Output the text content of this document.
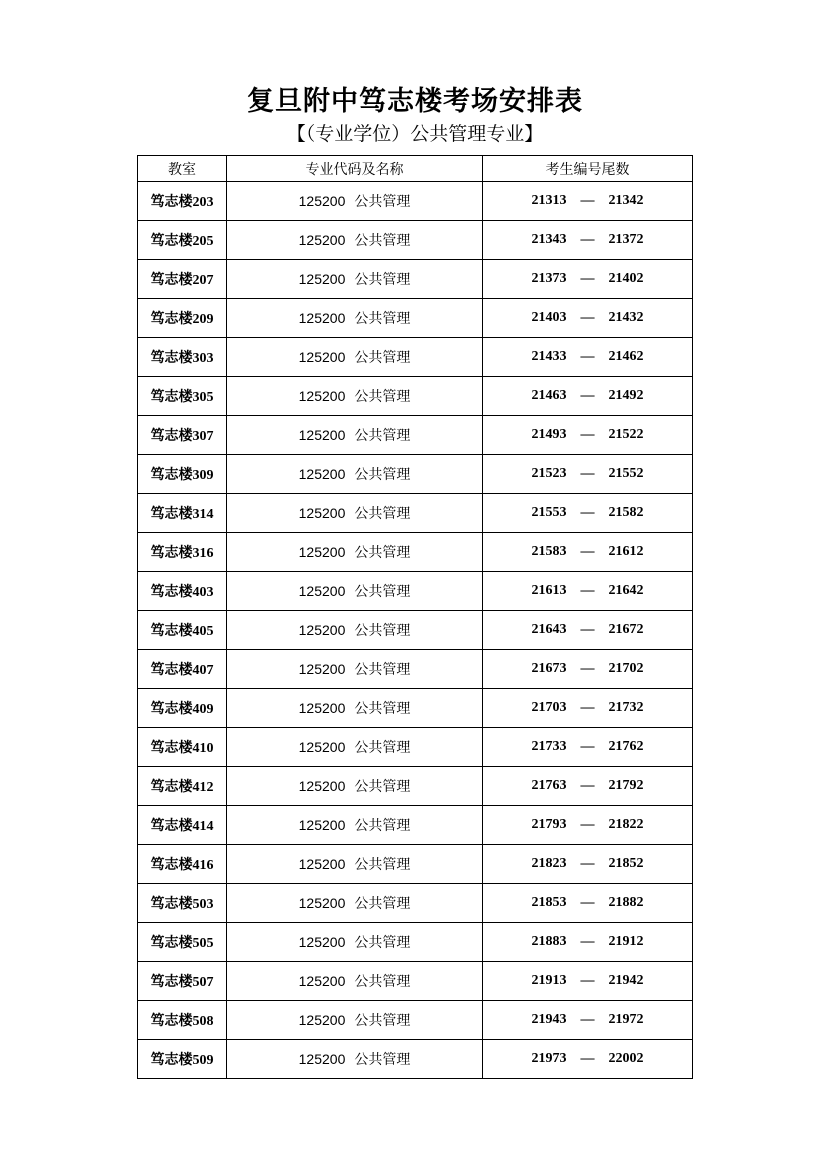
复旦附中笃志楼考场安排表
【（专业学位）公共管理专业】
教室	专业代码及名称	考生编号尾数
笃志楼203	125200 公共管理	21313 — 21342
笃志楼205	125200 公共管理	21343 — 21372
笃志楼207	125200 公共管理	21373 — 21402
笃志楼209	125200 公共管理	21403 — 21432
笃志楼303	125200 公共管理	21433 — 21462
笃志楼305	125200 公共管理	21463 — 21492
笃志楼307	125200 公共管理	21493 — 21522
笃志楼309	125200 公共管理	21523 — 21552
笃志楼314	125200 公共管理	21553 — 21582
笃志楼316	125200 公共管理	21583 — 21612
笃志楼403	125200 公共管理	21613 — 21642
笃志楼405	125200 公共管理	21643 — 21672
笃志楼407	125200 公共管理	21673 — 21702
笃志楼409	125200 公共管理	21703 — 21732
笃志楼410	125200 公共管理	21733 — 21762
笃志楼412	125200 公共管理	21763 — 21792
笃志楼414	125200 公共管理	21793 — 21822
笃志楼416	125200 公共管理	21823 — 21852
笃志楼503	125200 公共管理	21853 — 21882
笃志楼505	125200 公共管理	21883 — 21912
笃志楼507	125200 公共管理	21913 — 21942
笃志楼508	125200 公共管理	21943 — 21972
笃志楼509	125200 公共管理	21973 — 22002
